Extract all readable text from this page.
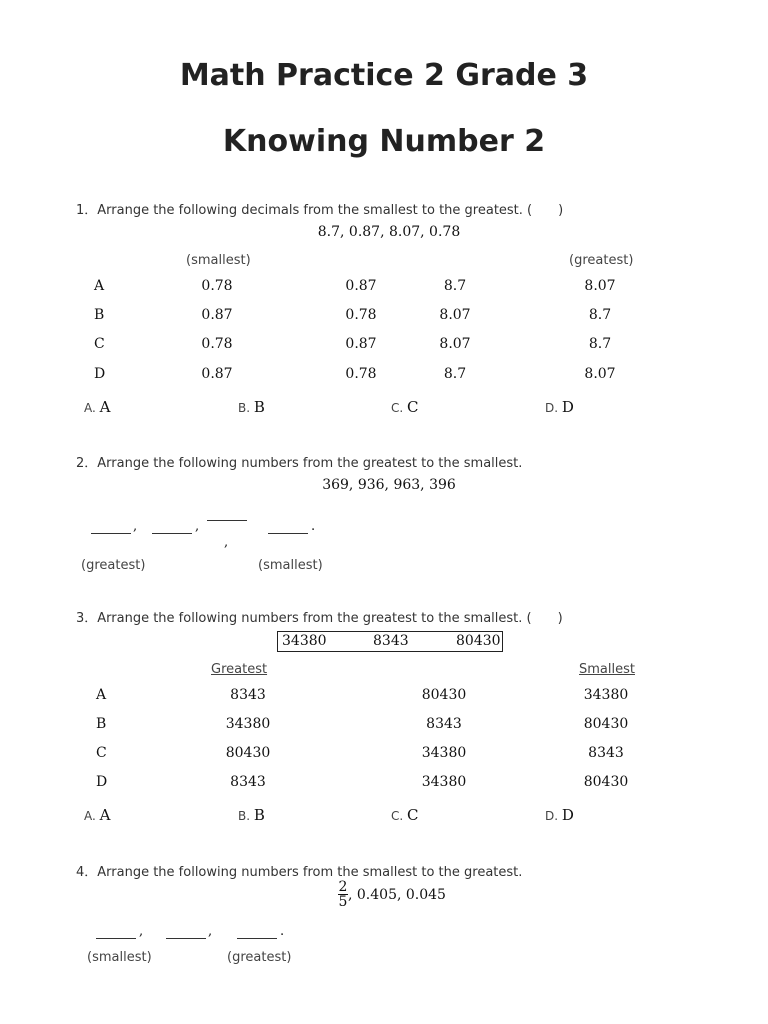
Math Practice 2 Grade 3
Knowing Number 2
1．Arrange the following decimals from the smallest to the greatest. (　　)
8.7, 0.87, 8.07, 0.78
(smallest)	(greatest)
A	0.78	0.87	8.7	8.07
B	0.87	0.78	8.07	8.7
C	0.78	0.87	8.07	8.7
D	0.87	0.78	8.7	8.07
A. A	B. B	C. C	D. D
2．Arrange the following numbers from the greatest to the smallest.
369, 936, 963, 396
,	,
,
.
(greatest)	(smallest)
3．Arrange the following numbers from the greatest to the smallest. (　　)
34380	8343	80430
Greatest	Smallest
A	8343	80430	34380
B	34380	8343	80430
C	80430	34380	8343
D	8343	34380	80430
A. A	B. B	C. C	D. D
4．Arrange the following numbers from the smallest to the greatest.
$\frac{2}{5}$ , 0.405, 0.045
,	,	.
(smallest)	(greatest)
